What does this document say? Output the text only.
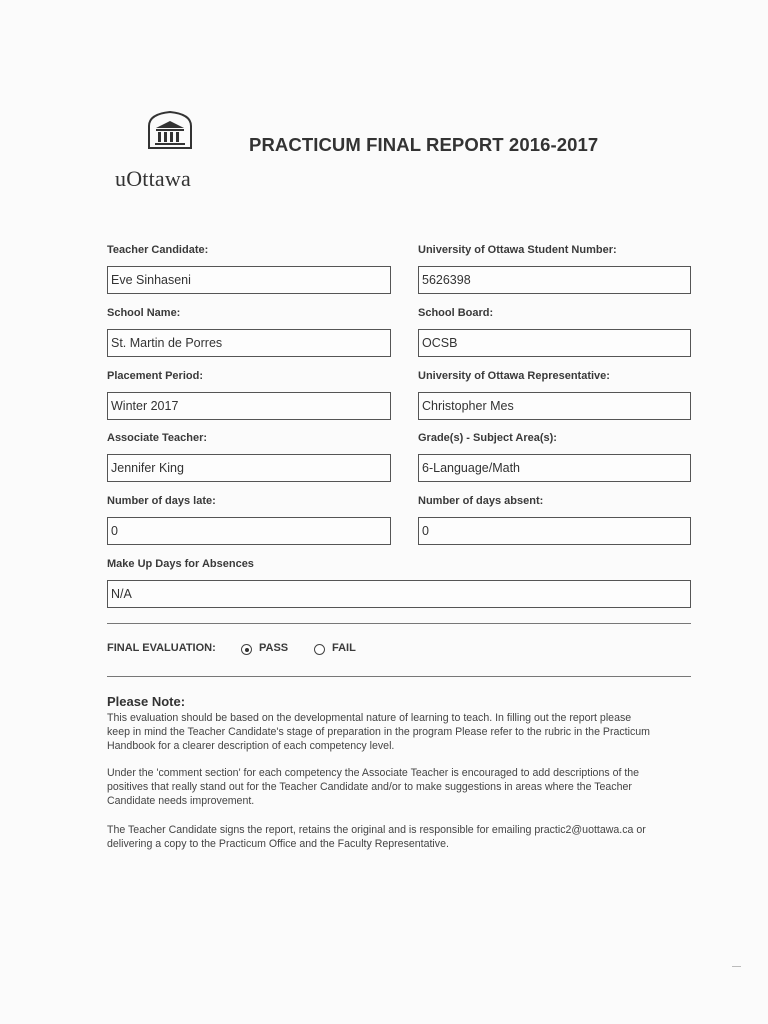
uOttawa
PRACTICUM FINAL REPORT 2016-2017
Teacher Candidate:	University of Ottawa Student Number:
Eve Sinhaseni	5626398
School Name:	School Board:
St. Martin de Porres	OCSB
Placement Period:	University of Ottawa Representative:
Winter 2017	Christopher Mes
Associate Teacher:	Grade(s) - Subject Area(s):
Jennifer King	6-Language/Math
Number of days late:	Number of days absent:
0	0
Make Up Days for Absences
N/A
FINAL EVALUATION:	PASS	FAIL
Please Note:
This evaluation should be based on the developmental nature of learning to teach. In filling out the report please
keep in mind the Teacher Candidate's stage of preparation in the program Please refer to the rubric in the Practicum
Handbook for a clearer description of each competency level.
Under the 'comment section' for each competency the Associate Teacher is encouraged to add descriptions of the
positives that really stand out for the Teacher Candidate and/or to make suggestions in areas where the Teacher
Candidate needs improvement.
The Teacher Candidate signs the report, retains the original and is responsible for emailing practic2@uottawa.ca or
delivering a copy to the Practicum Office and the Faculty Representative.
